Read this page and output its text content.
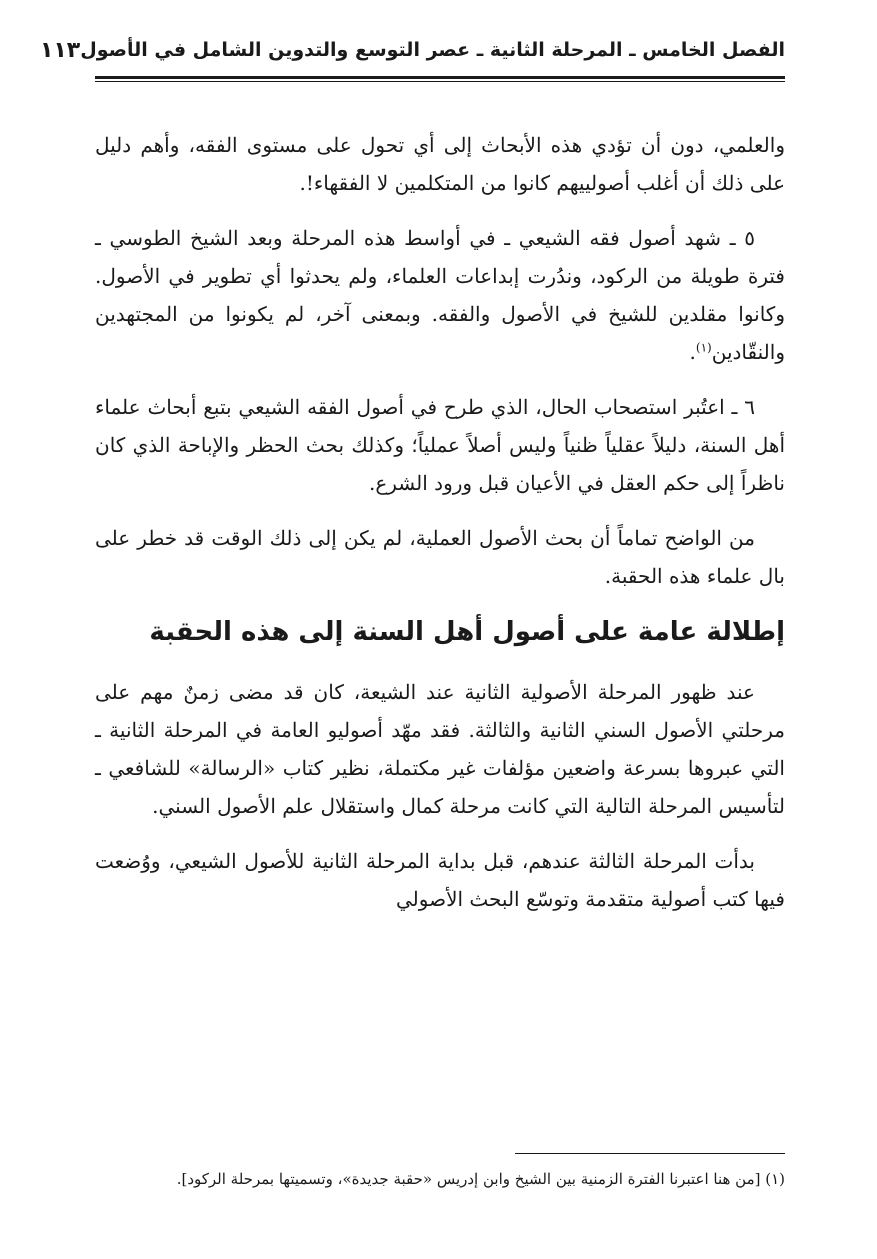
الفصل الخامس ـ المرحلة الثانية ـ عصر التوسع والتدوين الشامل في الأصول
١١٣

والعلمي، دون أن تؤدي هذه الأبحاث إلى أي تحول على مستوى الفقه، وأهم دليل على ذلك أن أغلب أصولييهم كانوا من المتكلمين لا الفقهاء!.

٥ ـ شهد أصول فقه الشيعي ـ في أواسط هذه المرحلة وبعد الشيخ الطوسي ـ فترة طويلة من الركود، وندُرت إبداعات العلماء، ولم يحدثوا أي تطوير في الأصول. وكانوا مقلدين للشيخ في الأصول والفقه. وبمعنى آخر، لم يكونوا من المجتهدين والنقّادين$^{(١)}$.

٦ ـ اعتُبر استصحاب الحال، الذي طرح في أصول الفقه الشيعي بتبع أبحاث علماء أهل السنة، دليلاً عقلياً ظنياً وليس أصلاً عملياً؛ وكذلك بحث الحظر والإباحة الذي كان ناظراً إلى حكم العقل في الأعيان قبل ورود الشرع.

من الواضح تماماً أن بحث الأصول العملية، لم يكن إلى ذلك الوقت قد خطر على بال علماء هذه الحقبة.

إطلالة عامة على أصول أهل السنة إلى هذه الحقبة

عند ظهور المرحلة الأصولية الثانية عند الشيعة، كان قد مضى زمنٌ مهم على مرحلتي الأصول السني الثانية والثالثة. فقد مهّد أصوليو العامة في المرحلة الثانية ـ التي عبروها بسرعة واضعين مؤلفات غير مكتملة، نظير كتاب «الرسالة» للشافعي ـ لتأسيس المرحلة التالية التي كانت مرحلة كمال واستقلال علم الأصول السني.

بدأت المرحلة الثالثة عندهم، قبل بداية المرحلة الثانية للأصول الشيعي، ووُضعت فيها كتب أصولية متقدمة وتوسّع البحث الأصولي

(١) [من هنا اعتبرنا الفترة الزمنية بين الشيخ وابن إدريس «حقبة جديدة»، وتسميتها بمرحلة الركود].
